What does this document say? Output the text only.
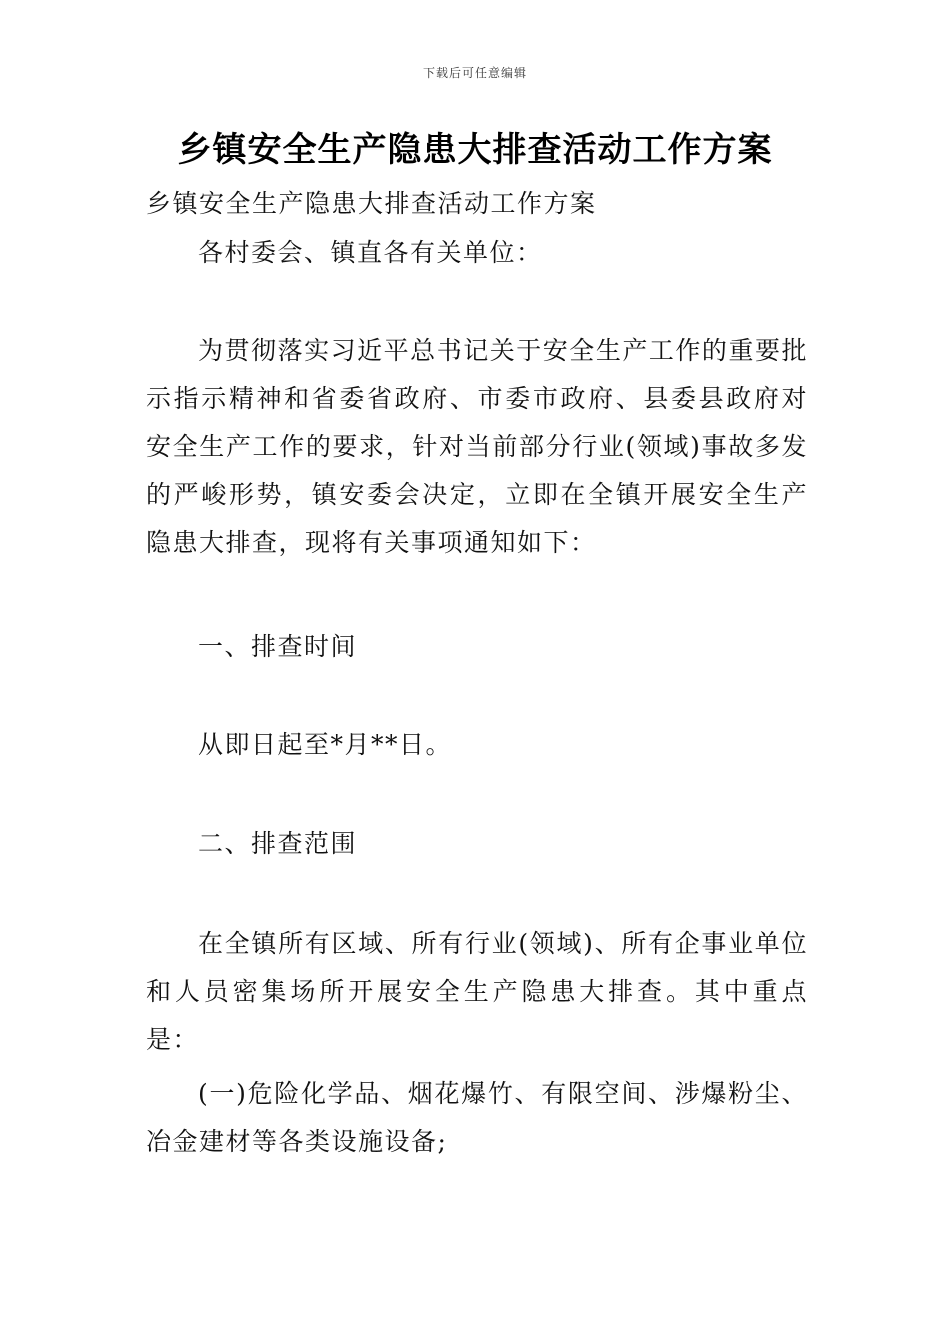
下载后可任意编辑
乡镇安全生产隐患大排查活动工作方案

乡镇安全生产隐患大排查活动工作方案

各村委会、镇直各有关单位：

为贯彻落实习近平总书记关于安全生产工作的重要批示指示精神和省委省政府、市委市政府、县委县政府对安全生产工作的要求，针对当前部分行业(领域)事故多发的严峻形势，镇安委会决定，立即在全镇开展安全生产隐患大排查，现将有关事项通知如下：

一、排查时间

从即日起至*月**日。

二、排查范围

在全镇所有区域、所有行业(领域)、所有企事业单位和人员密集场所开展安全生产隐患大排查。其中重点是：

(一)危险化学品、烟花爆竹、有限空间、涉爆粉尘、冶金建材等各类设施设备;
